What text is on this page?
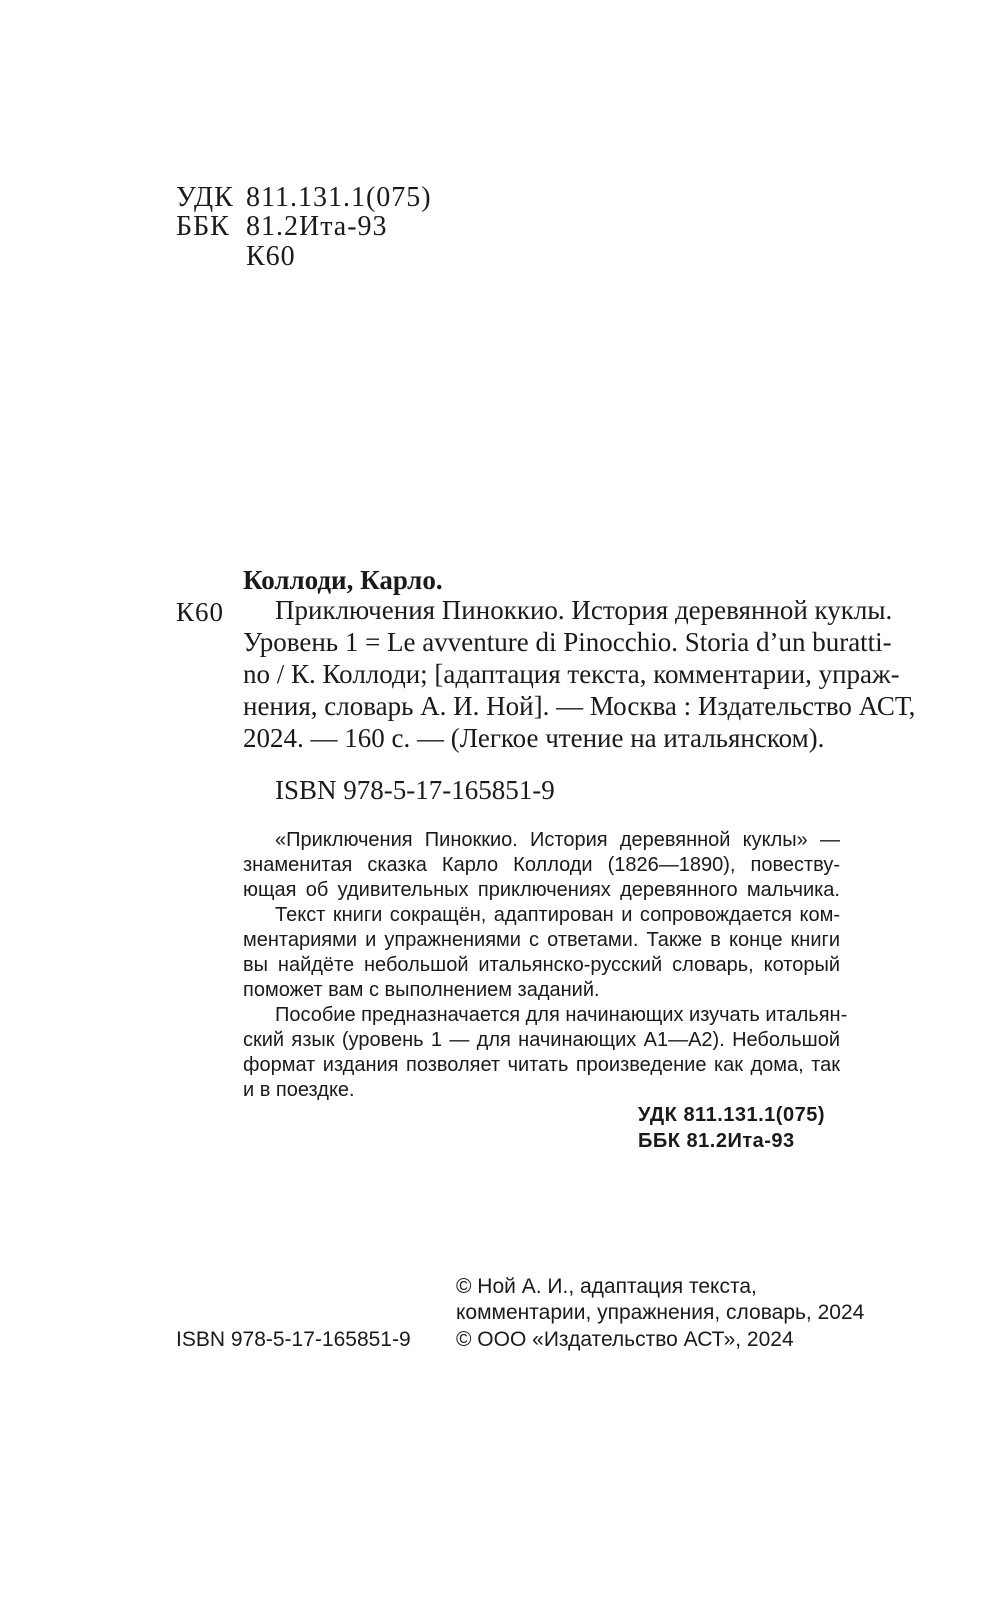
УДК 811.131.1(075)
ББК 81.2Ита-93
К60
Коллоди, Карло.
К60 Приключения Пиноккио. История деревянной куклы.
Уровень 1 = Le avventure di Pinocchio. Storia d’un buratti-
no / К. Коллоди; [адаптация текста, комментарии, упраж-
нения, словарь А. И. Ной]. — Москва : Издательство АСТ,
2024. — 160 с. — (Легкое чтение на итальянском).
ISBN 978-5-17-165851-9
«Приключения Пиноккио. История деревянной куклы» —
знаменитая сказка Карло Коллоди (1826—1890), повеству-
ющая об удивительных приключениях деревянного мальчика.
Текст книги сокращён, адаптирован и сопровождается ком-
ментариями и упражнениями с ответами. Также в конце книги
вы найдёте небольшой итальянско-русский словарь, который
поможет вам с выполнением заданий.
Пособие предназначается для начинающих изучать итальян-
ский язык (уровень 1 — для начинающих А1—А2). Небольшой
формат издания позволяет читать произведение как дома, так
и в поездке.
УДК 811.131.1(075)
ББК 81.2Ита-93
© Ной А. И., адаптация текста,
комментарии, упражнения, словарь, 2024
© ООО «Издательство АСТ», 2024
ISBN 978-5-17-165851-9
